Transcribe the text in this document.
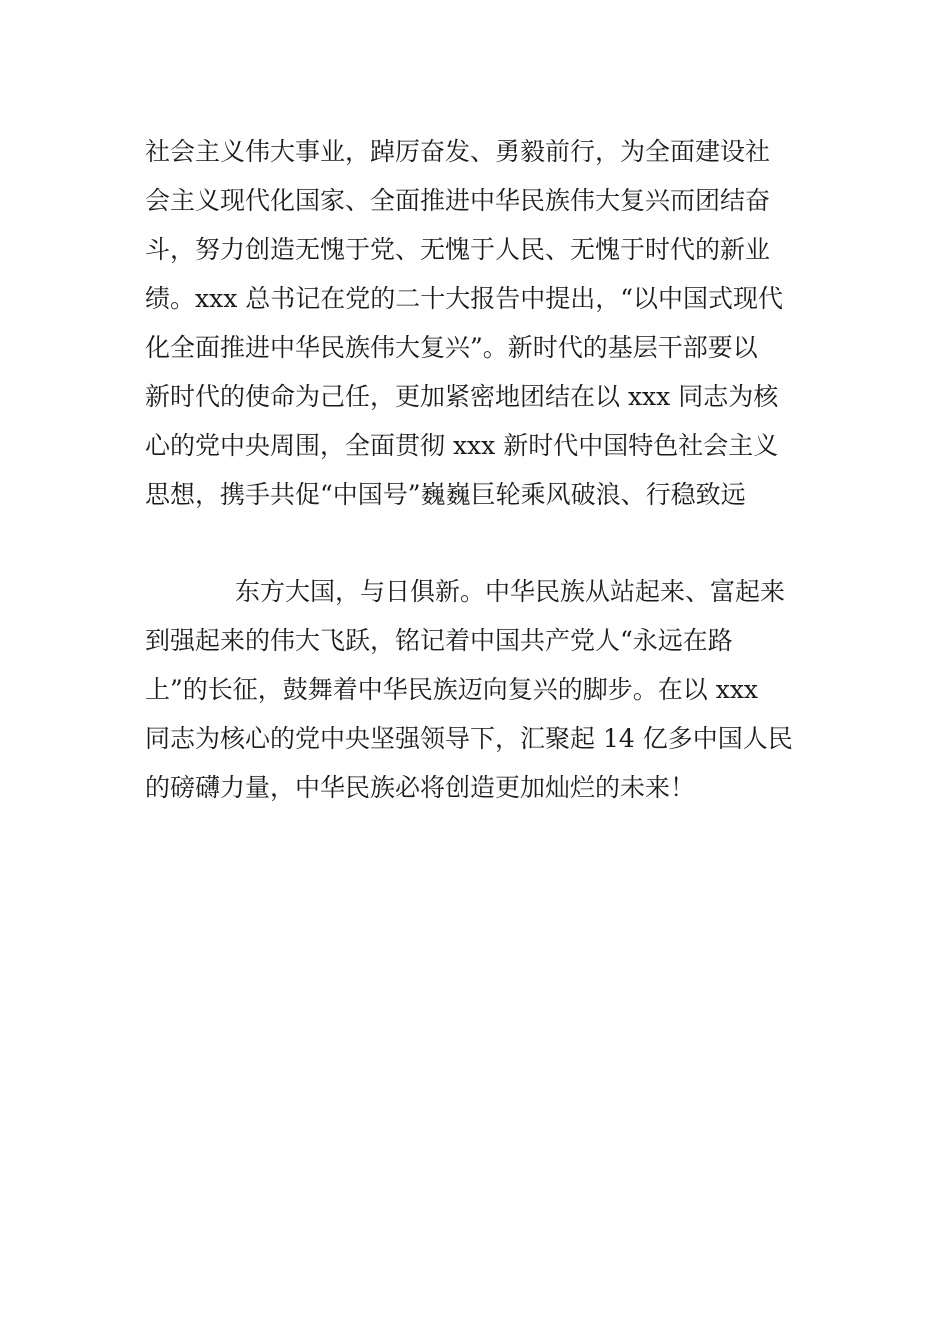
社会主义伟大事业，踔厉奋发、勇毅前行，为全面建设社
会主义现代化国家、全面推进中华民族伟大复兴而团结奋
斗，努力创造无愧于党、无愧于人民、无愧于时代的新业
绩。xxx 总书记在党的二十大报告中提出，“以中国式现代
化全面推进中华民族伟大复兴”。新时代的基层干部要以
新时代的使命为己任，更加紧密地团结在以 xxx 同志为核
心的党中央周围，全面贯彻 xxx 新时代中国特色社会主义
思想，携手共促“中国号”巍巍巨轮乘风破浪、行稳致远
东方大国，与日俱新。中华民族从站起来、富起来
到强起来的伟大飞跃，铭记着中国共产党人“永远在路
上”的长征，鼓舞着中华民族迈向复兴的脚步。在以 xxx
同志为核心的党中央坚强领导下，汇聚起 14 亿多中国人民
的磅礴力量，中华民族必将创造更加灿烂的未来！
